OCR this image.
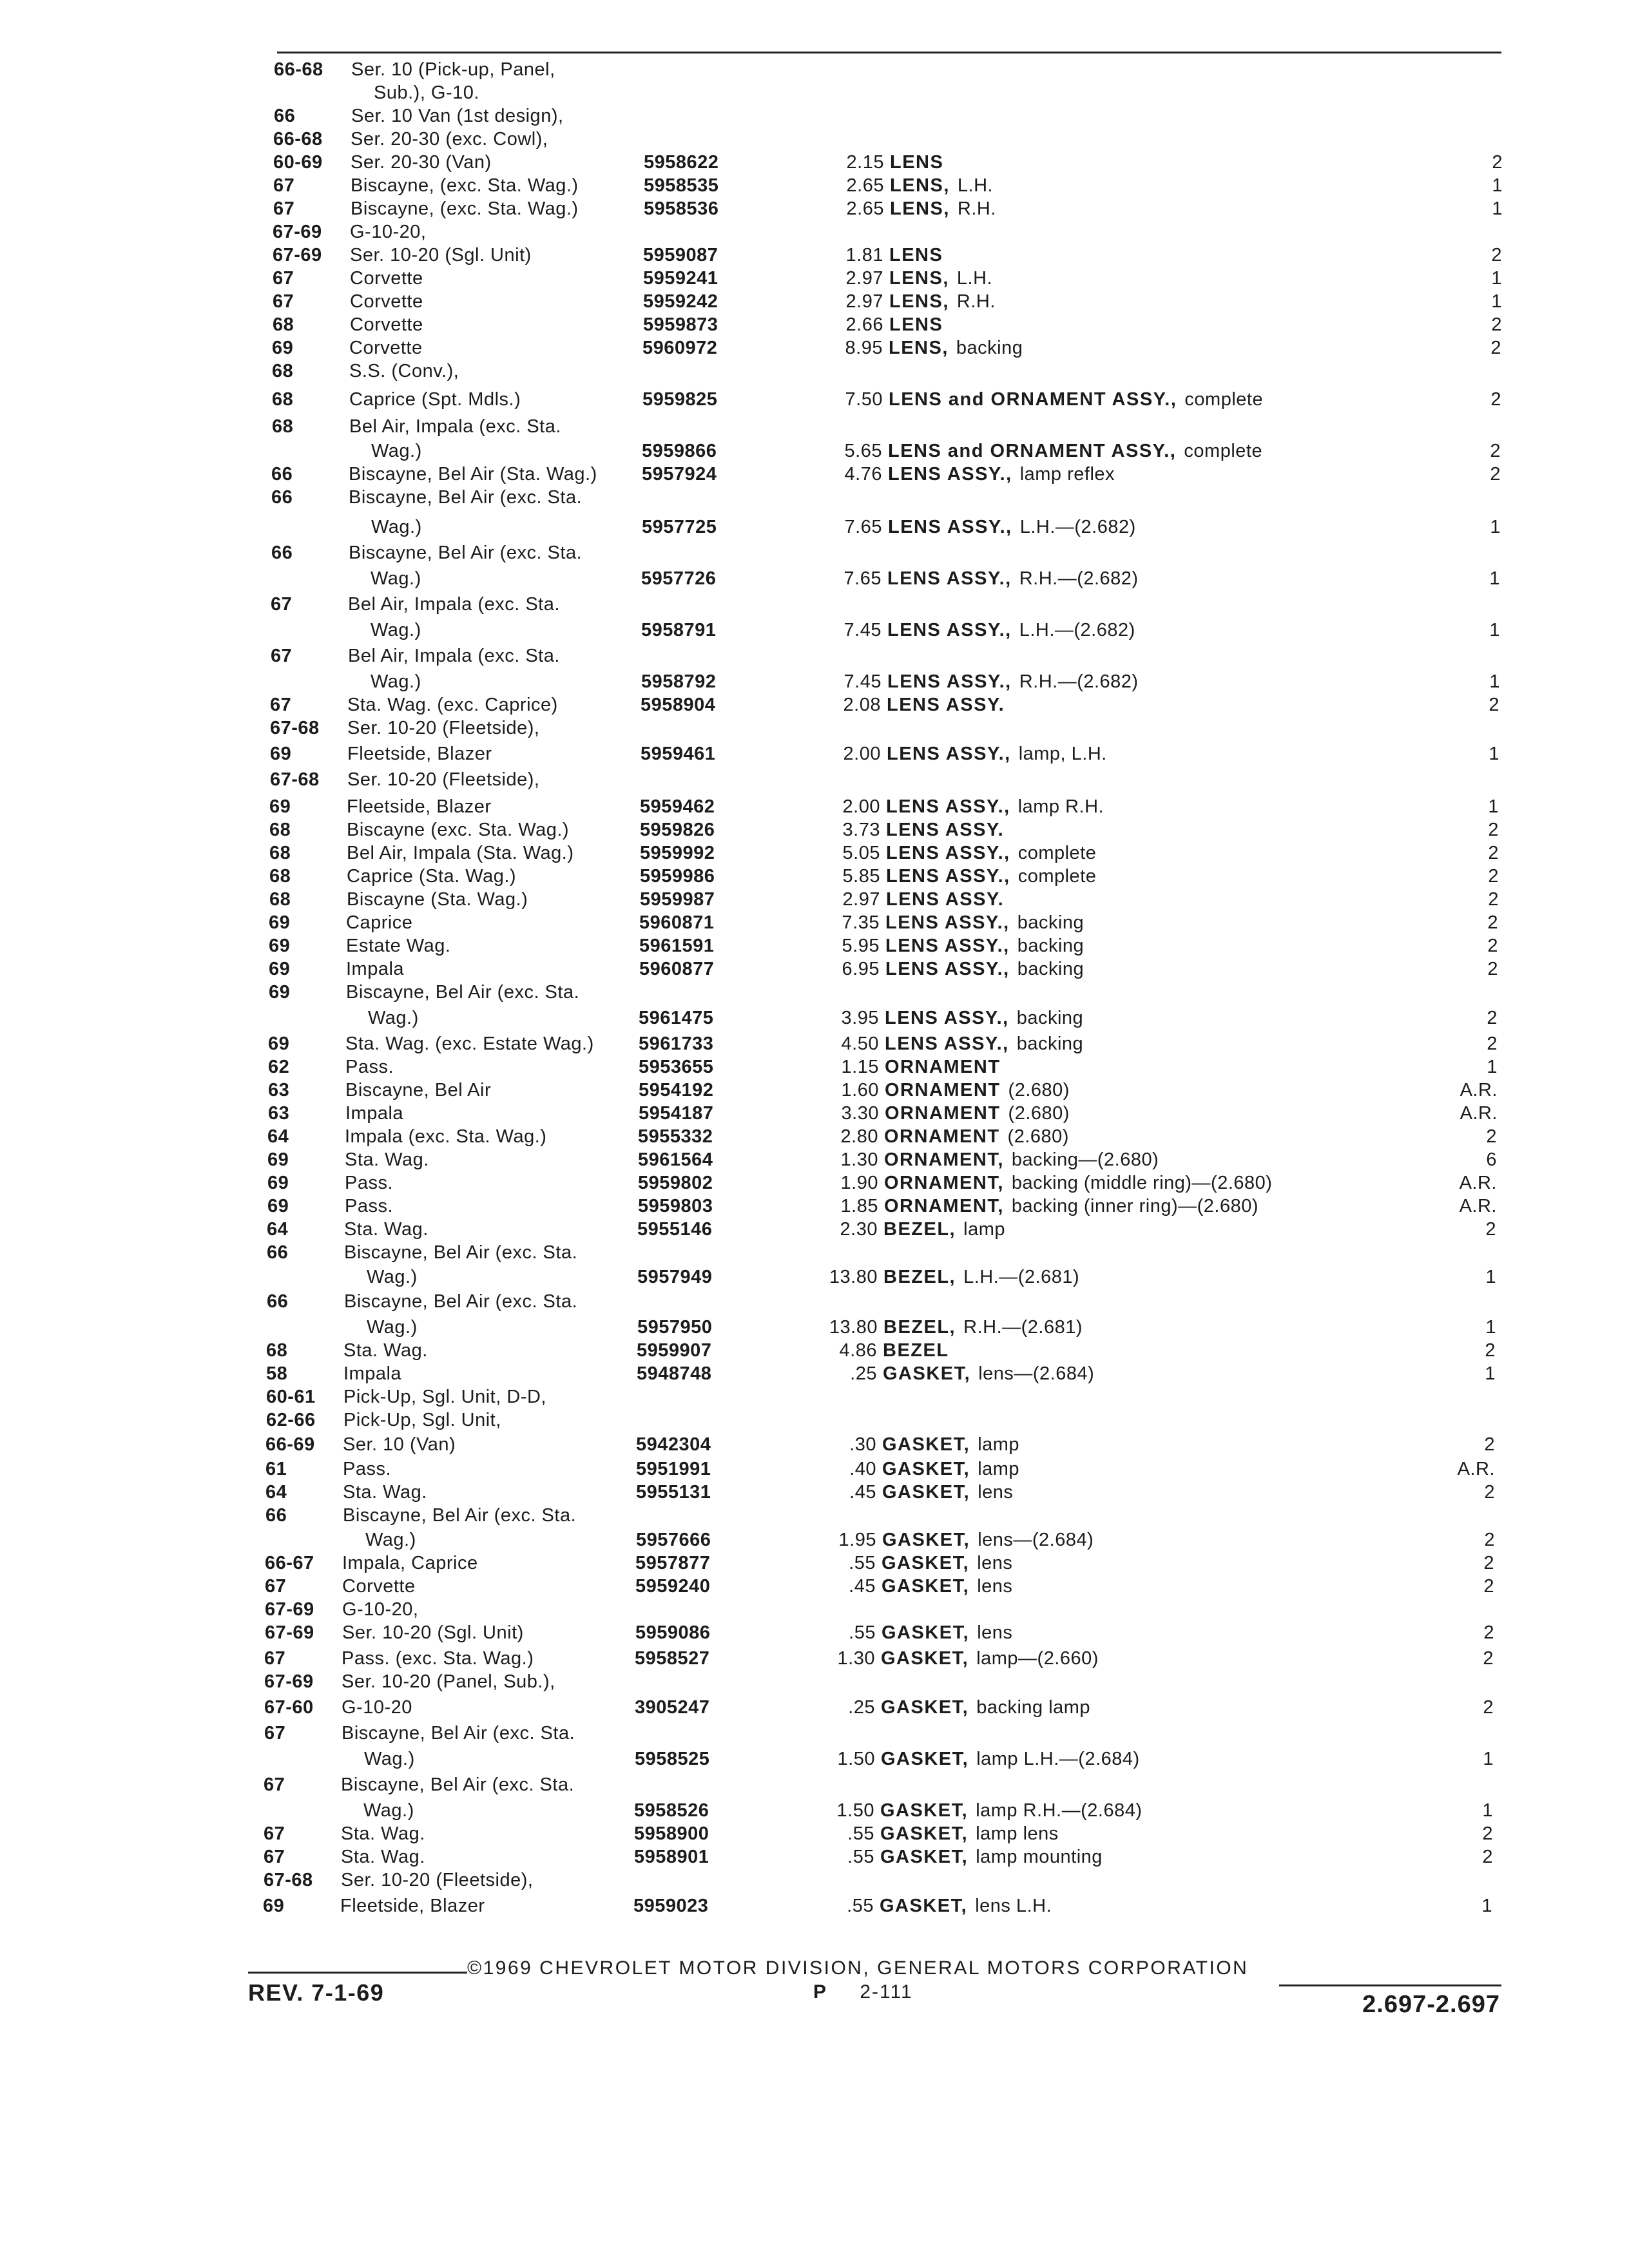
66-68 Ser. 10 (Pick-up, Panel,
Sub.), G-10.
66	Ser. 10 Van (1st design),
66-68 Ser. 20-30 (exc. Cowl),
60-69 Ser. 20-30 (Van)	5958622	2.15 LENS	2
67	Biscayne, (exc. Sta. Wag.)	5958535	2.65 LENS, L.H.	1
67	Biscayne, (exc. Sta. Wag.)	5958536	2.65 LENS, R.H.	1
67-69 G-10-20,
67-69 Ser. 10-20 (Sgl. Unit)	5959087	1.81 LENS	2
67	Corvette	5959241	2.97 LENS, L.H.	1
67	Corvette	5959242	2.97 LENS, R.H.	1
68	Corvette	5959873	2.66 LENS	2
69	Corvette	5960972	8.95 LENS, backing	2
68	S.S. (Conv.),
68	Caprice (Spt. Mdls.)	5959825	7.50 LENS and ORNAMENT ASSY., complete	2
68	Bel Air, Impala (exc. Sta.
Wag.)	5959866	5.65 LENS and ORNAMENT ASSY., complete	2
66	Biscayne, Bel Air (Sta. Wag.) 5957924	4.76 LENS ASSY., lamp reflex	2
66	Biscayne, Bel Air (exc. Sta.
Wag.)	5957725	7.65 LENS ASSY., L.H.—(2.682)	1
66	Biscayne, Bel Air (exc. Sta.
Wag.)	5957726	7.65 LENS ASSY., R.H.—(2.682)	1
67	Bel Air, Impala (exc. Sta.
Wag.)	5958791	7.45 LENS ASSY., L.H.—(2.682)	1
67	Bel Air, Impala (exc. Sta.
Wag.)	5958792	7.45 LENS ASSY., R.H.—(2.682)	1
67	Sta. Wag. (exc. Caprice)	5958904	2.08 LENS ASSY.	2
67-68 Ser. 10-20 (Fleetside),
69	Fleetside, Blazer	5959461	2.00 LENS ASSY., lamp, L.H.	1
67-68 Ser. 10-20 (Fleetside),
69	Fleetside, Blazer	5959462	2.00 LENS ASSY., lamp R.H.	1
68	Biscayne (exc. Sta. Wag.)	5959826	3.73 LENS ASSY.	2
68	Bel Air, Impala (Sta. Wag.)	5959992	5.05 LENS ASSY., complete	2
68	Caprice (Sta. Wag.)	5959986	5.85 LENS ASSY., complete	2
68	Biscayne (Sta. Wag.)	5959987	2.97 LENS ASSY.	2
69	Caprice	5960871	7.35 LENS ASSY., backing	2
69	Estate Wag.	5961591	5.95 LENS ASSY., backing	2
69	Impala	5960877	6.95 LENS ASSY., backing	2
69	Biscayne, Bel Air (exc. Sta.
Wag.)	5961475	3.95 LENS ASSY., backing	2
69	Sta. Wag. (exc. Estate Wag.) 5961733	4.50 LENS ASSY., backing	2
62	Pass.	5953655	1.15 ORNAMENT	1
63	Biscayne, Bel Air	5954192	1.60 ORNAMENT (2.680)	A.R.
63	Impala	5954187	3.30 ORNAMENT (2.680)	A.R.
64	Impala (exc. Sta. Wag.)	5955332	2.80 ORNAMENT (2.680)	2
69	Sta. Wag.	5961564	1.30 ORNAMENT, backing—(2.680)	6
69	Pass.	5959802	1.90 ORNAMENT, backing (middle ring)—(2.680)	A.R.
69	Pass.	5959803	1.85 ORNAMENT, backing (inner ring)—(2.680)	A.R.
64	Sta. Wag.	5955146	2.30 BEZEL, lamp	2
66	Biscayne, Bel Air (exc. Sta.
Wag.)	5957949	13.80 BEZEL, L.H.—(2.681)	1
66	Biscayne, Bel Air (exc. Sta.
Wag.)	5957950	13.80 BEZEL, R.H.—(2.681)	1
68	Sta. Wag.	5959907	4.86 BEZEL	2
58	Impala	5948748	.25 GASKET, lens—(2.684)	1
60-61 Pick-Up, Sgl. Unit, D-D,
62-66 Pick-Up, Sgl. Unit,
66-69 Ser. 10 (Van)	5942304	.30 GASKET, lamp	2
61	Pass.	5951991	.40 GASKET, lamp	A.R.
64	Sta. Wag.	5955131	.45 GASKET, lens	2
66	Biscayne, Bel Air (exc. Sta.
Wag.)	5957666	1.95 GASKET, lens—(2.684)	2
66-67 Impala, Caprice	5957877	.55 GASKET, lens	2
67	Corvette	5959240	.45 GASKET, lens	2
67-69 G-10-20,
67-69 Ser. 10-20 (Sgl. Unit)	5959086	.55 GASKET, lens	2
67	Pass. (exc. Sta. Wag.)	5958527	1.30 GASKET, lamp—(2.660)	2
67-69 Ser. 10-20 (Panel, Sub.),
67-60 G-10-20	3905247	.25 GASKET, backing lamp	2
67	Biscayne, Bel Air (exc. Sta.
Wag.)	5958525	1.50 GASKET, lamp L.H.—(2.684)	1
67	Biscayne, Bel Air (exc. Sta.
Wag.)	5958526	1.50 GASKET, lamp R.H.—(2.684)	1
67	Sta. Wag.	5958900	.55 GASKET, lamp lens	2
67	Sta. Wag.	5958901	.55 GASKET, lamp mounting	2
67-68 Ser. 10-20 (Fleetside),
69	Fleetside, Blazer	5959023	.55 GASKET, lens L.H.	1
©1969 CHEVROLET MOTOR DIVISION, GENERAL MOTORS CORPORATION
REV. 7-1-69	P 2-111	2.697-2.697
